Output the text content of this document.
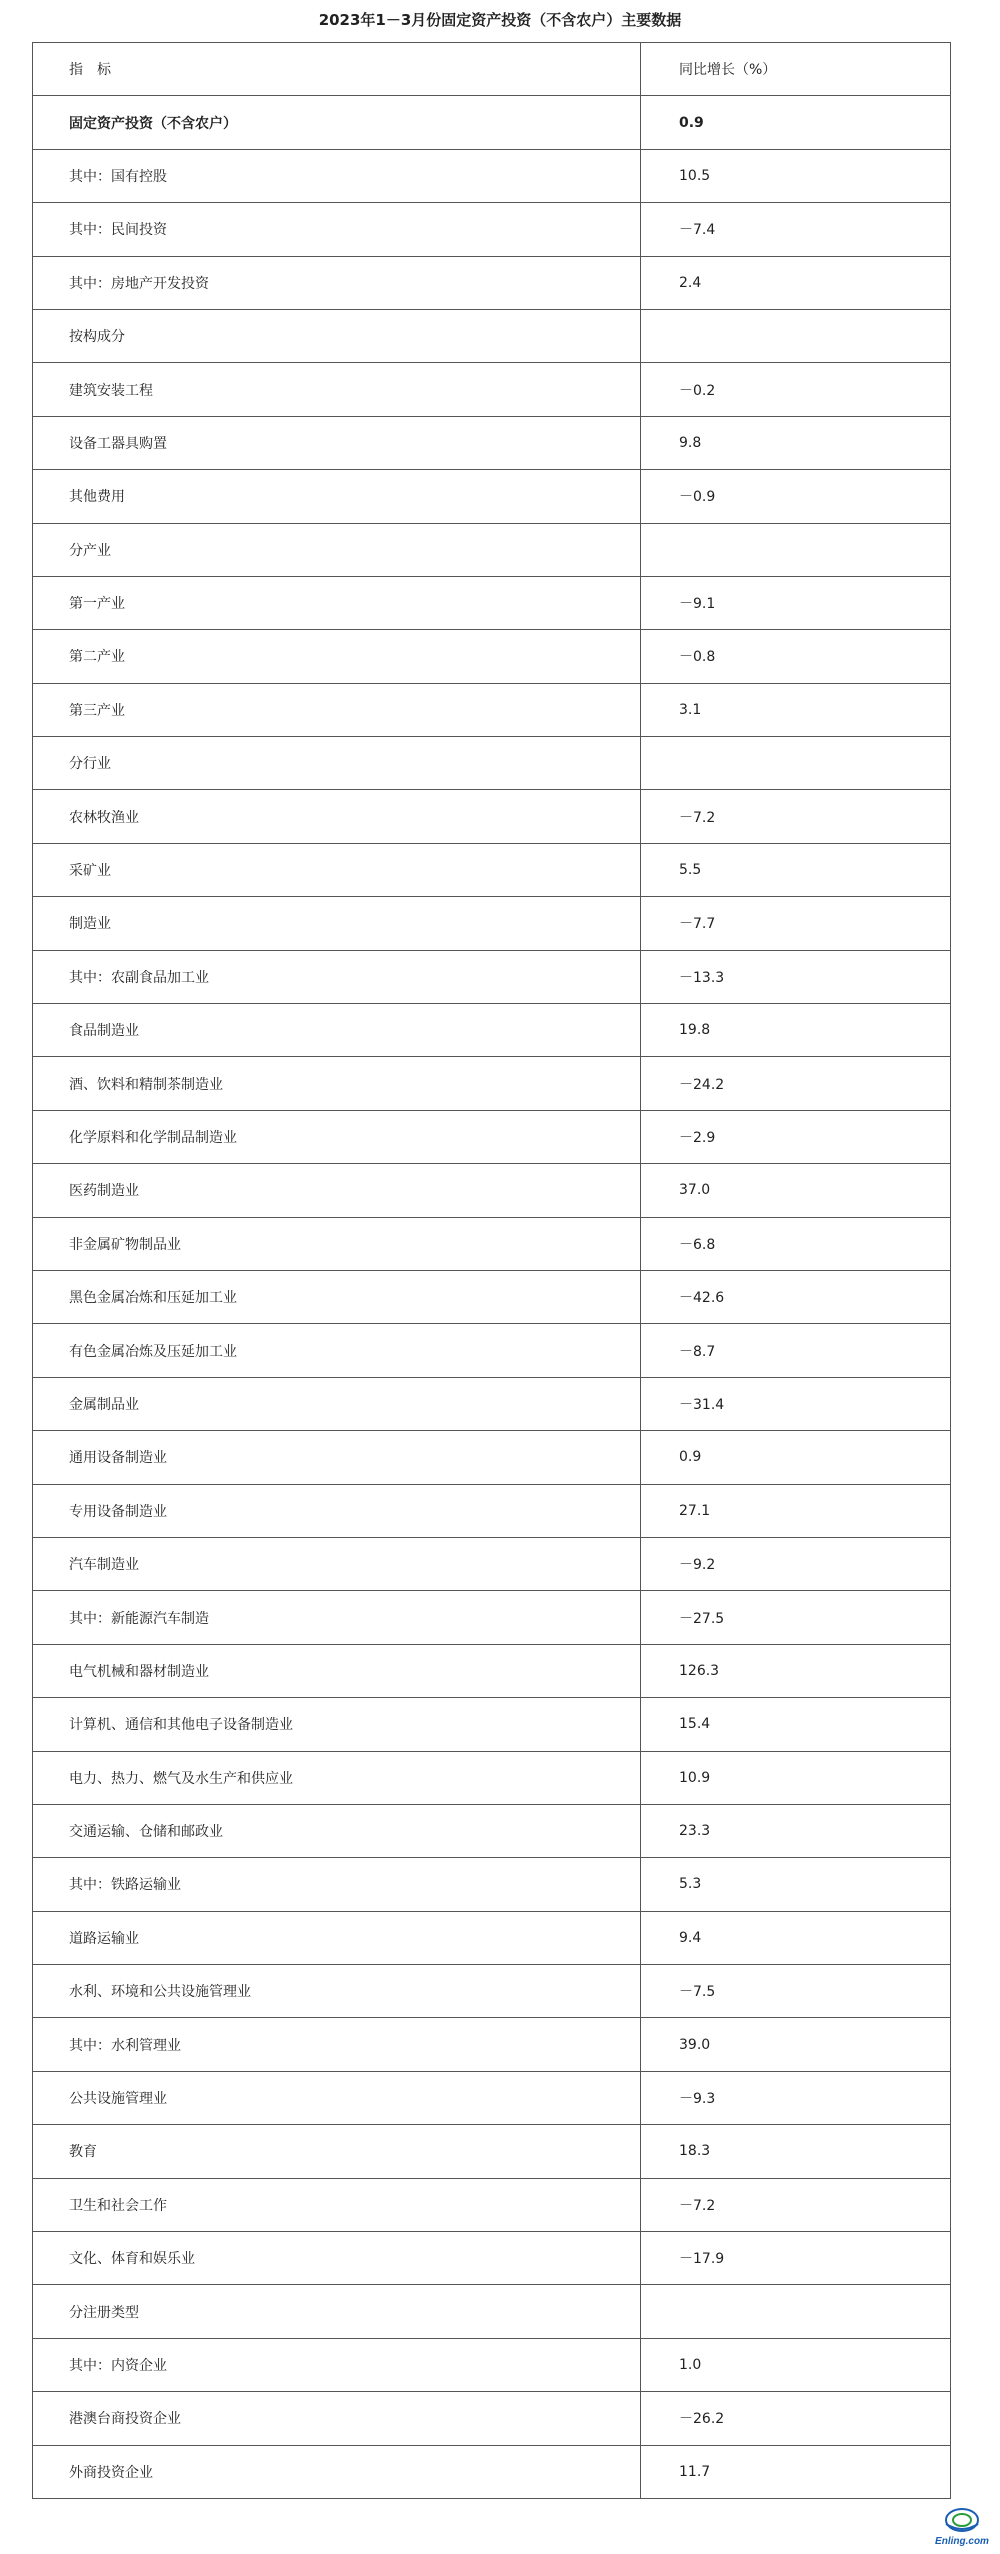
2023年1－3月份固定资产投资（不含农户）主要数据
指　标	同比增长（%）
固定资产投资（不含农户）	0.9
其中：国有控股	10.5
其中：民间投资	－7.4
其中：房地产开发投资	2.4
按构成分	
建筑安装工程	－0.2
设备工器具购置	9.8
其他费用	－0.9
分产业	
第一产业	－9.1
第二产业	－0.8
第三产业	3.1
分行业	
农林牧渔业	－7.2
采矿业	5.5
制造业	－7.7
其中：农副食品加工业	－13.3
食品制造业	19.8
酒、饮料和精制茶制造业	－24.2
化学原料和化学制品制造业	－2.9
医药制造业	37.0
非金属矿物制品业	－6.8
黑色金属冶炼和压延加工业	－42.6
有色金属冶炼及压延加工业	－8.7
金属制品业	－31.4
通用设备制造业	0.9
专用设备制造业	27.1
汽车制造业	－9.2
其中：新能源汽车制造	－27.5
电气机械和器材制造业	126.3
计算机、通信和其他电子设备制造业	15.4
电力、热力、燃气及水生产和供应业	10.9
交通运输、仓储和邮政业	23.3
其中：铁路运输业	5.3
道路运输业	9.4
水利、环境和公共设施管理业	－7.5
其中：水利管理业	39.0
公共设施管理业	－9.3
教育	18.3
卫生和社会工作	－7.2
文化、体育和娱乐业	－17.9
分注册类型	
其中：内资企业	1.0
港澳台商投资企业	－26.2
外商投资企业	11.7
Enling.com
